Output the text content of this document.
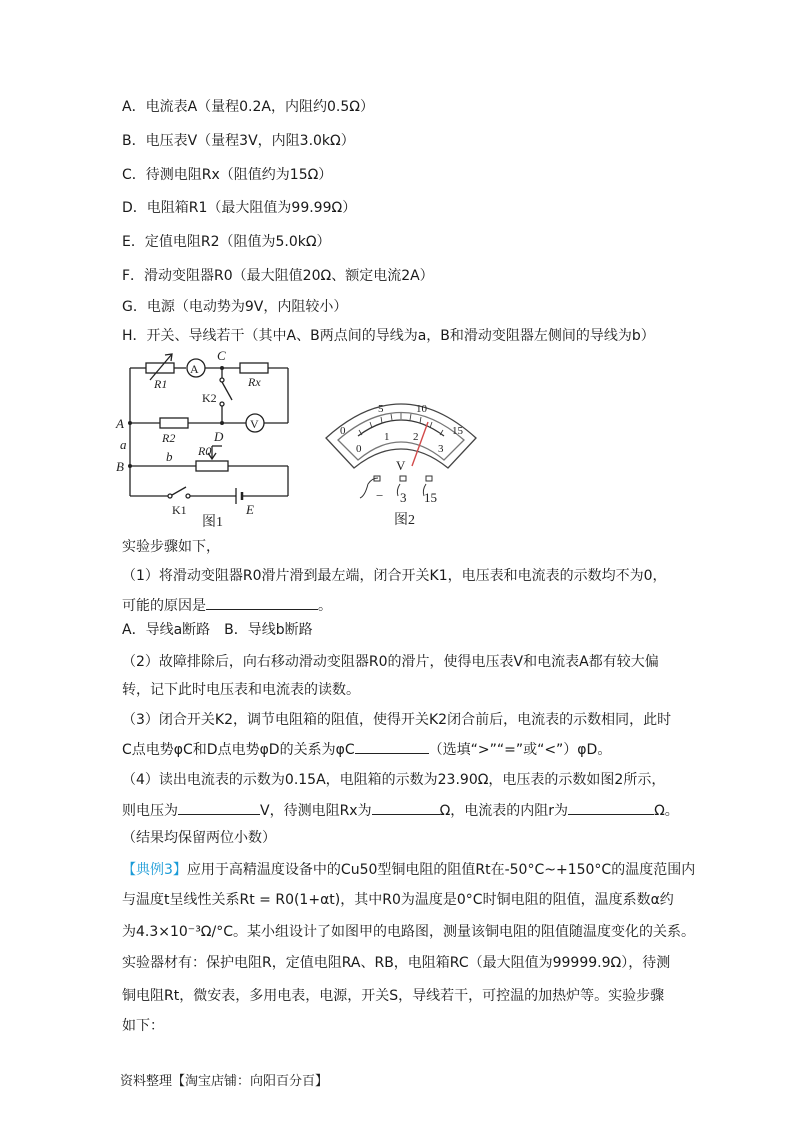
A．电流表A（量程0.2A，内阻约0.5Ω）
B．电压表V（量程3V，内阻3.0kΩ）
C．待测电阻Rx（阻值约为15Ω）
D．电阻箱R1（最大阻值为99.99Ω）
E．定值电阻R2（阻值为5.0kΩ）
F．滑动变阻器R0（最大阻值20Ω、额定电流2A）
G．电源（电动势为9V，内阻较小）
H．开关、导线若干（其中A、B两点间的导线为a，B和滑动变阻器左侧间的导线为b）
A
V
R1
C
Rx
K2
A
D
R2
a	R0
B
b
K1	E
图1
0
5	10
15
0
1 2
3
V
− 3 15
图2
实验步骤如下，
（1）将滑动变阻器R0滑片滑到最左端，闭合开关K1，电压表和电流表的示数均不为0，
可能的原因是	。
A．导线a断路　B．导线b断路
（2）故障排除后，向右移动滑动变阻器R0的滑片，使得电压表V和电流表A都有较大偏
转，记下此时电压表和电流表的读数。
（3）闭合开关K2，调节电阻箱的阻值，使得开关K2闭合前后，电流表的示数相同，此时
C点电势φC和D点电势φD的关系为φC	（选填“>”“=”或“<”）φD。
（4）读出电流表的示数为0.15A，电阻箱的示数为23.90Ω，电压表的示数如图2所示，
则电压为	V，待测电阻Rx为	Ω，电流表的内阻r为	Ω。
（结果均保留两位小数）
【典例3】应用于高精温度设备中的Cu50型铜电阻的阻值Rt在-50°C~+150°C的温度范围内
与温度t呈线性关系Rt = R0(1+αt)，其中R0为温度是0°C时铜电阻的阻值，温度系数α约
为4.3×10⁻³Ω/°C。某小组设计了如图甲的电路图，测量该铜电阻的阻值随温度变化的关系。
实验器材有：保护电阻R，定值电阻RA、RB，电阻箱RC（最大阻值为99999.9Ω），待测
铜电阻Rt，微安表，多用电表，电源，开关S，导线若干，可控温的加热炉等。实验步骤
如下：
资料整理【淘宝店铺：向阳百分百】
